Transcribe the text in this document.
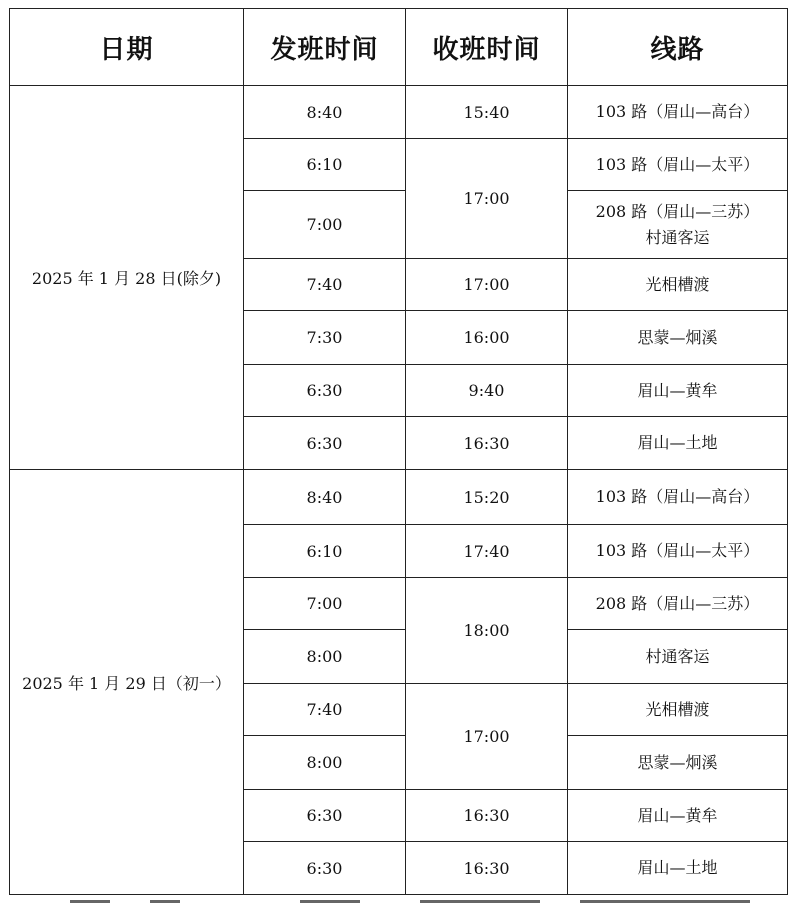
日期	发班时间	收班时间	线路
2025 年 1 月 28 日(除夕)	8:40	15:40	103 路（眉山—高台）

	6:10	17:00	103 路（眉山—太平）

	7:00		208 路（眉山—三苏）
村通客运

	7:40	17:00	光相槽渡

	7:30	16:00	思蒙—炯溪

	6:30	9:40	眉山—黄牟

	6:30	16:30	眉山—土地

2025 年 1 月 29 日（初一）	8:40	15:20	103 路（眉山—高台）

	6:10	17:40	103 路（眉山—太平）

	7:00	18:00	208 路（眉山—三苏）

	8:00		村通客运

	7:40	17:00	光相槽渡

	8:00		思蒙—炯溪

	6:30	16:30	眉山—黄牟

	6:30	16:30	眉山—土地
